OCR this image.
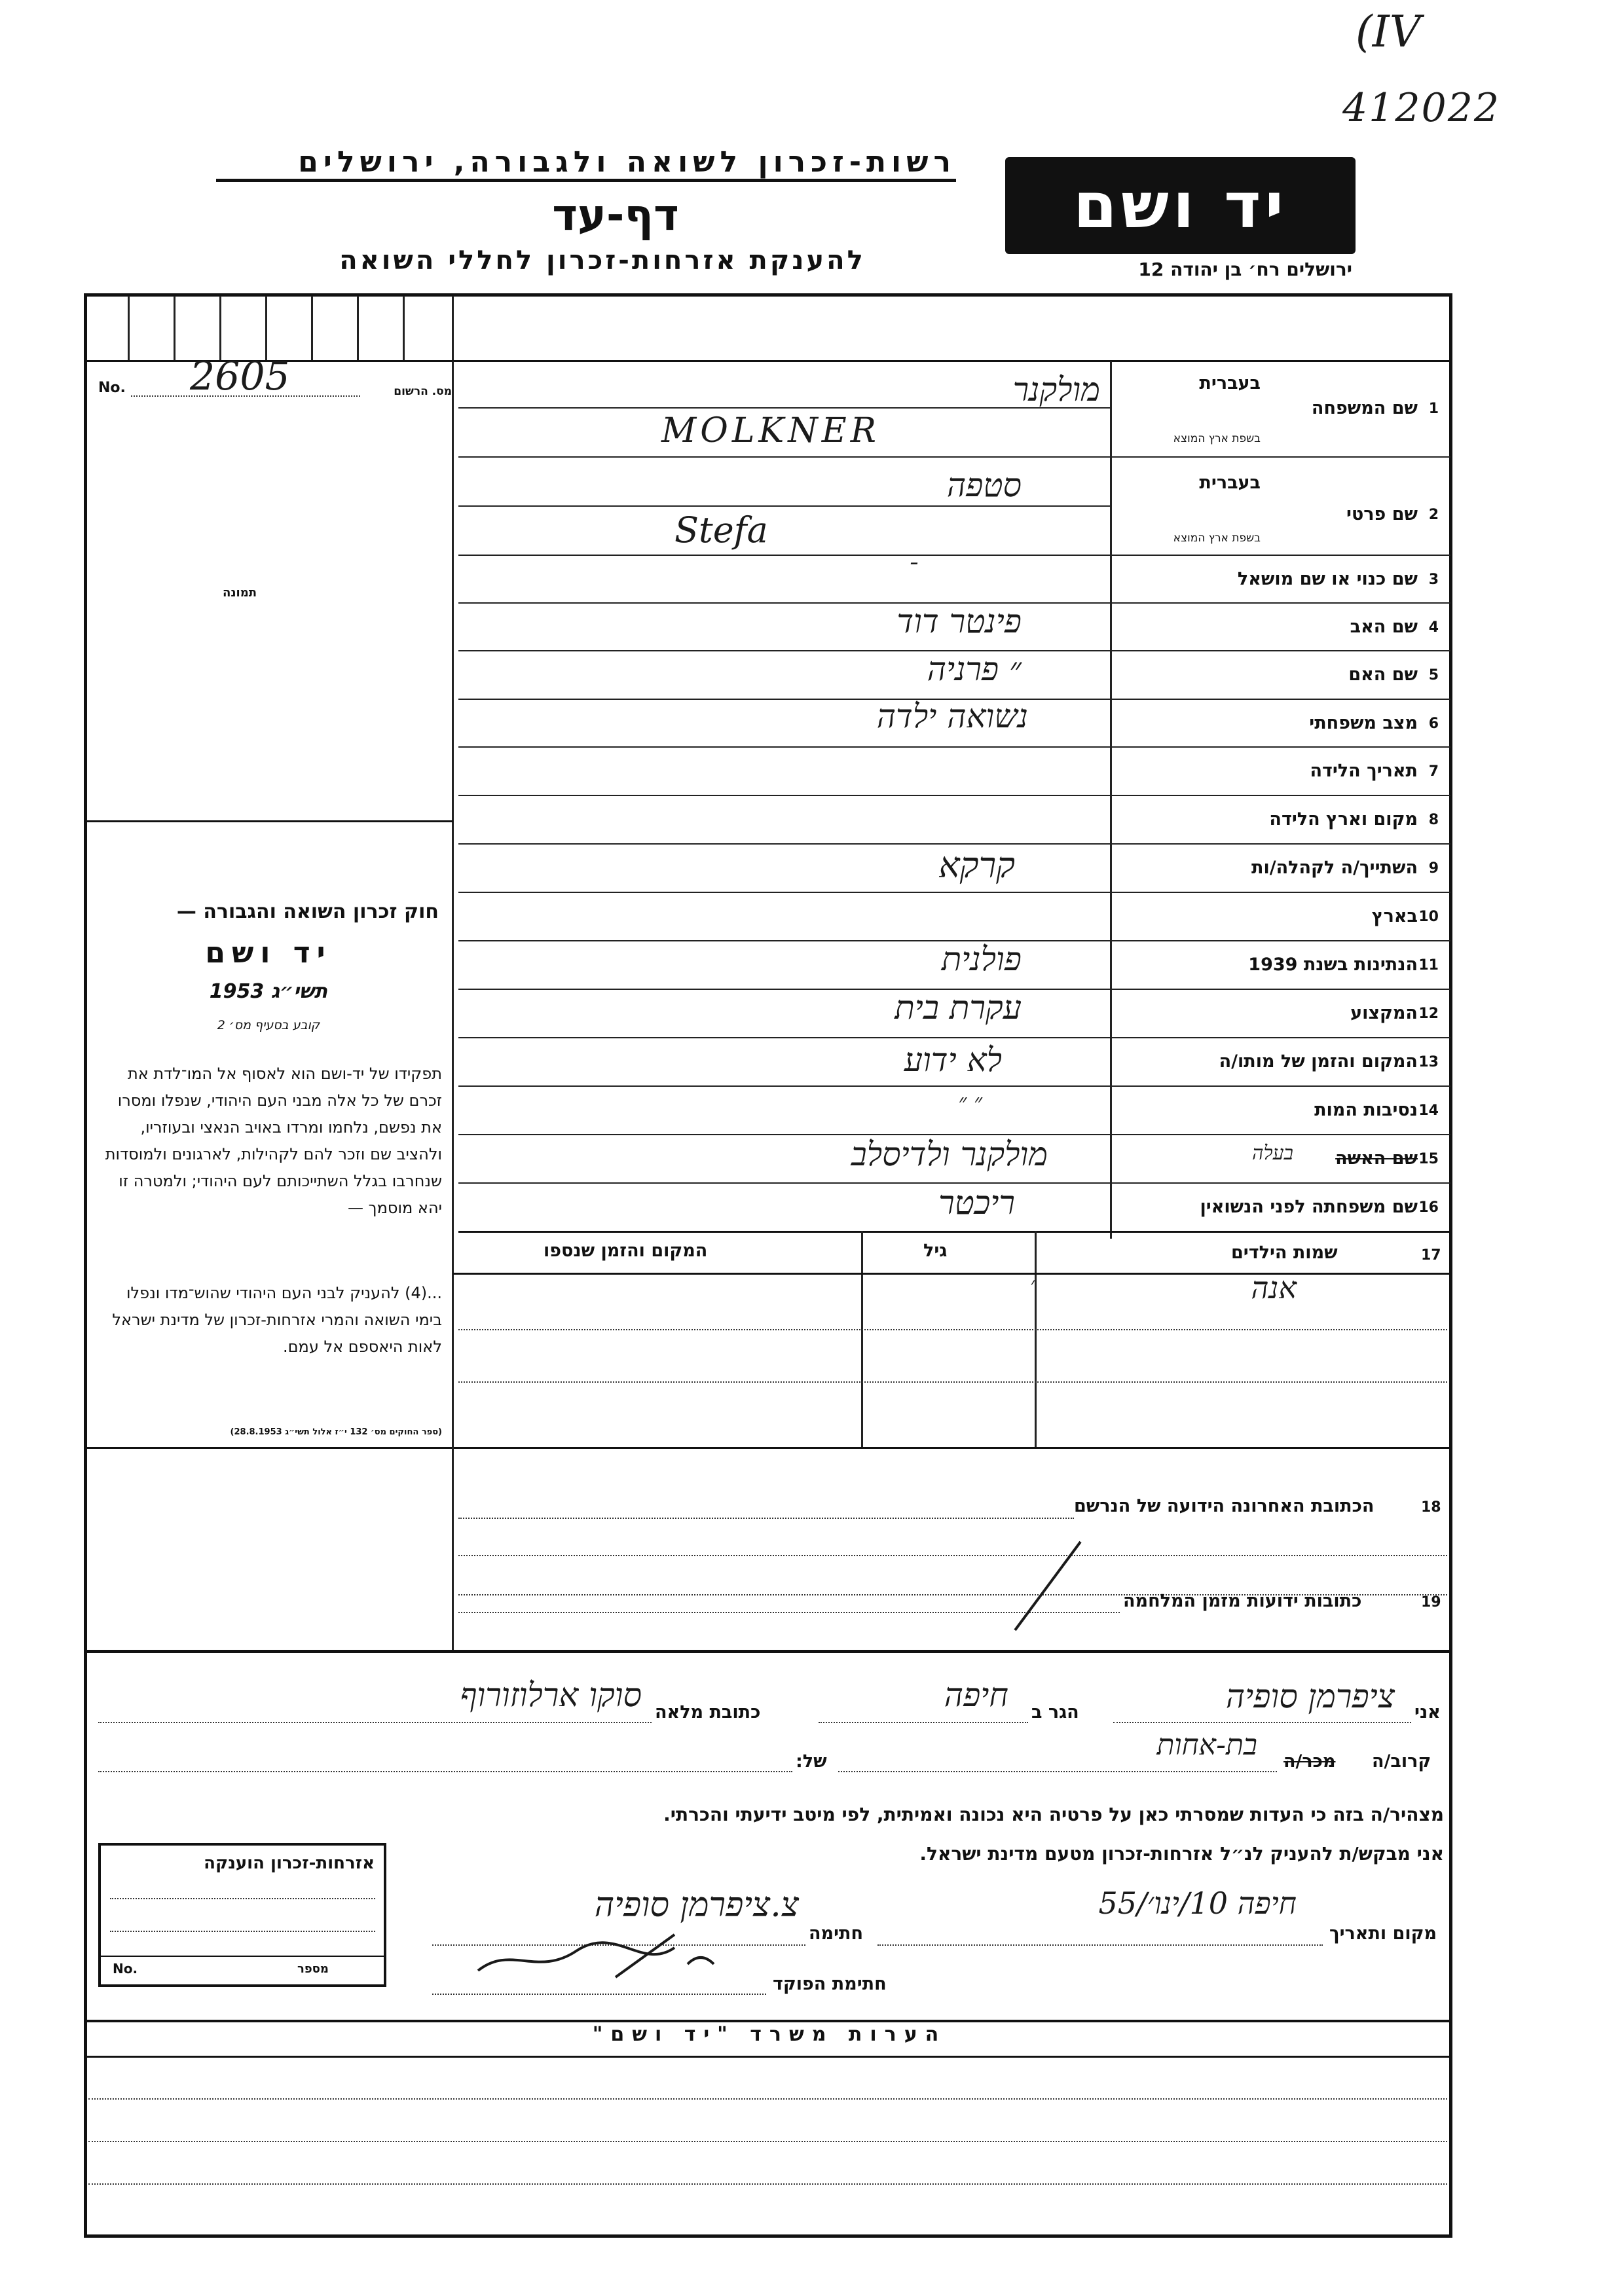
(IV
412022
רשות-זכרון לשואה ולגבורה, ירושלים
דף-עד
להענקת אזרחות-זכרון לחללי השואה
יד ושם
ירושלים רח׳ בן יהודה 12
No. 2605	מס. הרשום
תמונה
חוק זכרון השואה והגבורה —
יד ושם
תשי״ג 1953
קובע בסעיף מס׳ 2
תפקידו של יד-ושם הוא לאסוף אל המו־לדת את זכרם של כל אלה מבני העם היהודי, שנפלו ומסרו את נפשם, נלחמו ומרדו באויב הנאצי ובעוזריו, ולהציב שם וזכר להם לקהילות, לארגונים ולמוסדות שנחרבו בגלל השתייכותם לעם היהודי; ולמטרה זו יהא מוסמך —
...(4) להעניק לבני העם היהודי שהוש־מדו ונפלו בימי השואה והמרי אזרחות-זכרון של מדינת ישראל לאות היאספם אל עמם.
(ספר החוקים מס׳ 132 י״ז אלול תשי״ג 28.8.1953)
1
שם המשפחה
בעברית
בשפת ארץ המוצא
מולקנר
MOLKNER
2
שם פרטי
בעברית
בשפת ארץ המוצא
סטפה
Stefa
3
שם כנוי או שם מושאל
־
4
שם האב
פינטר דוד
5
שם האם
״ פרניה
6
מצב משפחתי
נשואה ילדה
7
תאריך הלידה
8
מקום וארץ הלידה
9
השתייך/ה לקהלה/ות
קרקא
10
בארץ
11
הנתינות בשנת 1939
פולנית
12
המקצוע
עקרת בית
13
המקום והזמן של מותו/ה
לא ידוע
14
נסיבות המות
״ ״
15
שם האשה
בעלה
מולקנר ולדיסלב
16
שם משפחתה לפני הנשואין
ריכטר
17
שמות הילדים
גיל
המקום והזמן שנספו
אנה
׳
18
הכתובת האחרונה הידועה של הנרשם
19
כתובות ידועות מזמן המלחמה
אני
ציפרמן סופיה
הגר ב
חיפה
כתובת מלאה
סוקו ארלוזורוף
קרוב/ה
מכר/ה
בת-אחות
של:
מצהיר/ה בזה כי העדות שמסרתי כאן על פרטיה היא נכונה ואמיתית, לפי מיטב ידיעתי והכרתי.
אני מבקש/ת להעניק לנ״ל אזרחות-זכרון מטעם מדינת ישראל.
מקום ותאריך
חיפה 10/ינו׳/55
חתימה
צ.ציפרמן סופיה
חתימת הפוקד
אזרחות-זכרון הוענקה
No.	מספר
הערות משרד "יד ושם"
